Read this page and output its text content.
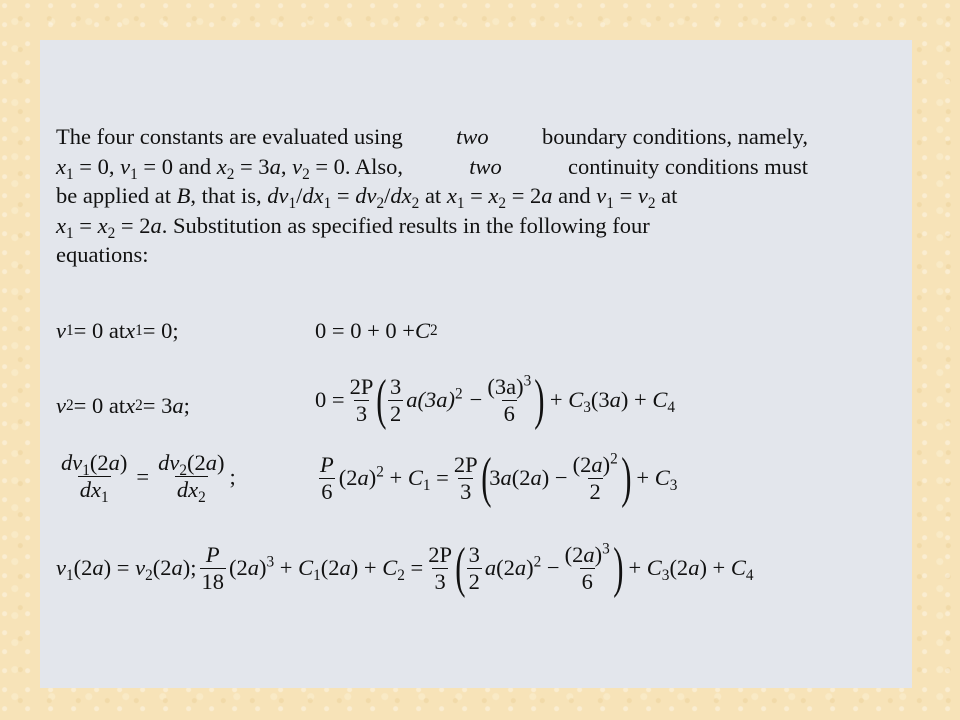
The four constants are evaluated using two boundary conditions, namely,
$x_1 = 0$, $v_1 = 0$ and $x_2 = 3a$, $v_2 = 0$. Also,	two	continuity conditions must
be applied at B, that is, $dv_1/dx_1 = dv_2/dx_2$ at $x_1 = x_2 = 2a$ and $v_1 = v_2$ at
$x_1 = x_2 = 2a$. Substitution as specified results in the following four
equations:
v 1 = 0 at x 1 = 0;	0 = 0 + 0 + C 2
v 2 = 0 at x 2 = 3 a ;	$0 = \frac{2P}{3}$ ( $\frac{3}{2} a(3a)^2 - \frac{(3a)^3}{6}$ ) + $C_3(3a) + C_4$
$\frac{dv_1(2a)}{dx_1} = \frac{dv_2(2a)}{dx_2}$ ;	$\frac{P}{6} (2a)^2 + C_1 = \frac{2P}{3}$ (
$3a(2a) - \frac{(2a)^2}{2}$ ) + $C_3$
$v_1(2a) = v_2(2a)$; $\frac{P}{18} (2a)^3 + C_1(2a) + C_2 = \frac{2P}{3}$ ( $\frac{3}{2} a(2a)^2 - \frac{(2a)^3}{6}$ ) + $C_3(2a) + C_4$
